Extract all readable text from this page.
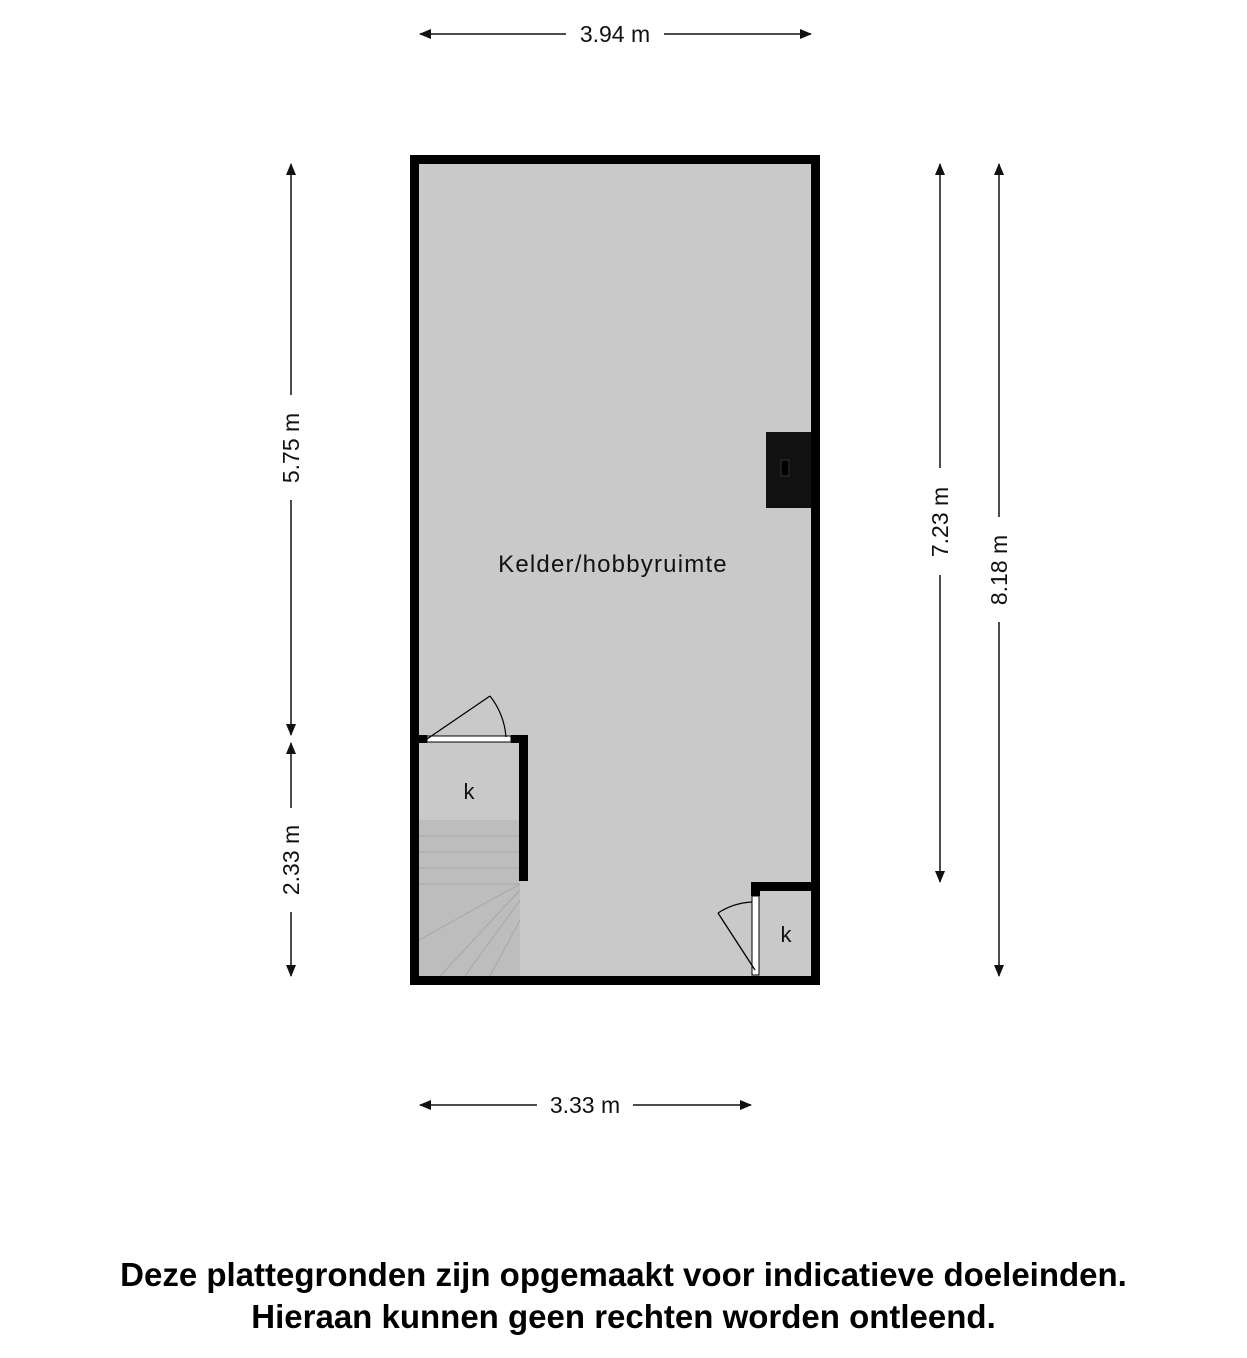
3.94 m
5.75 m
2.33 m
7.23 m
8.18 m
3.33 m
Kelder/hobbyruimte
k
k
Deze plattegronden zijn opgemaakt voor indicatieve doeleinden.
Hieraan kunnen geen rechten worden ontleend.
